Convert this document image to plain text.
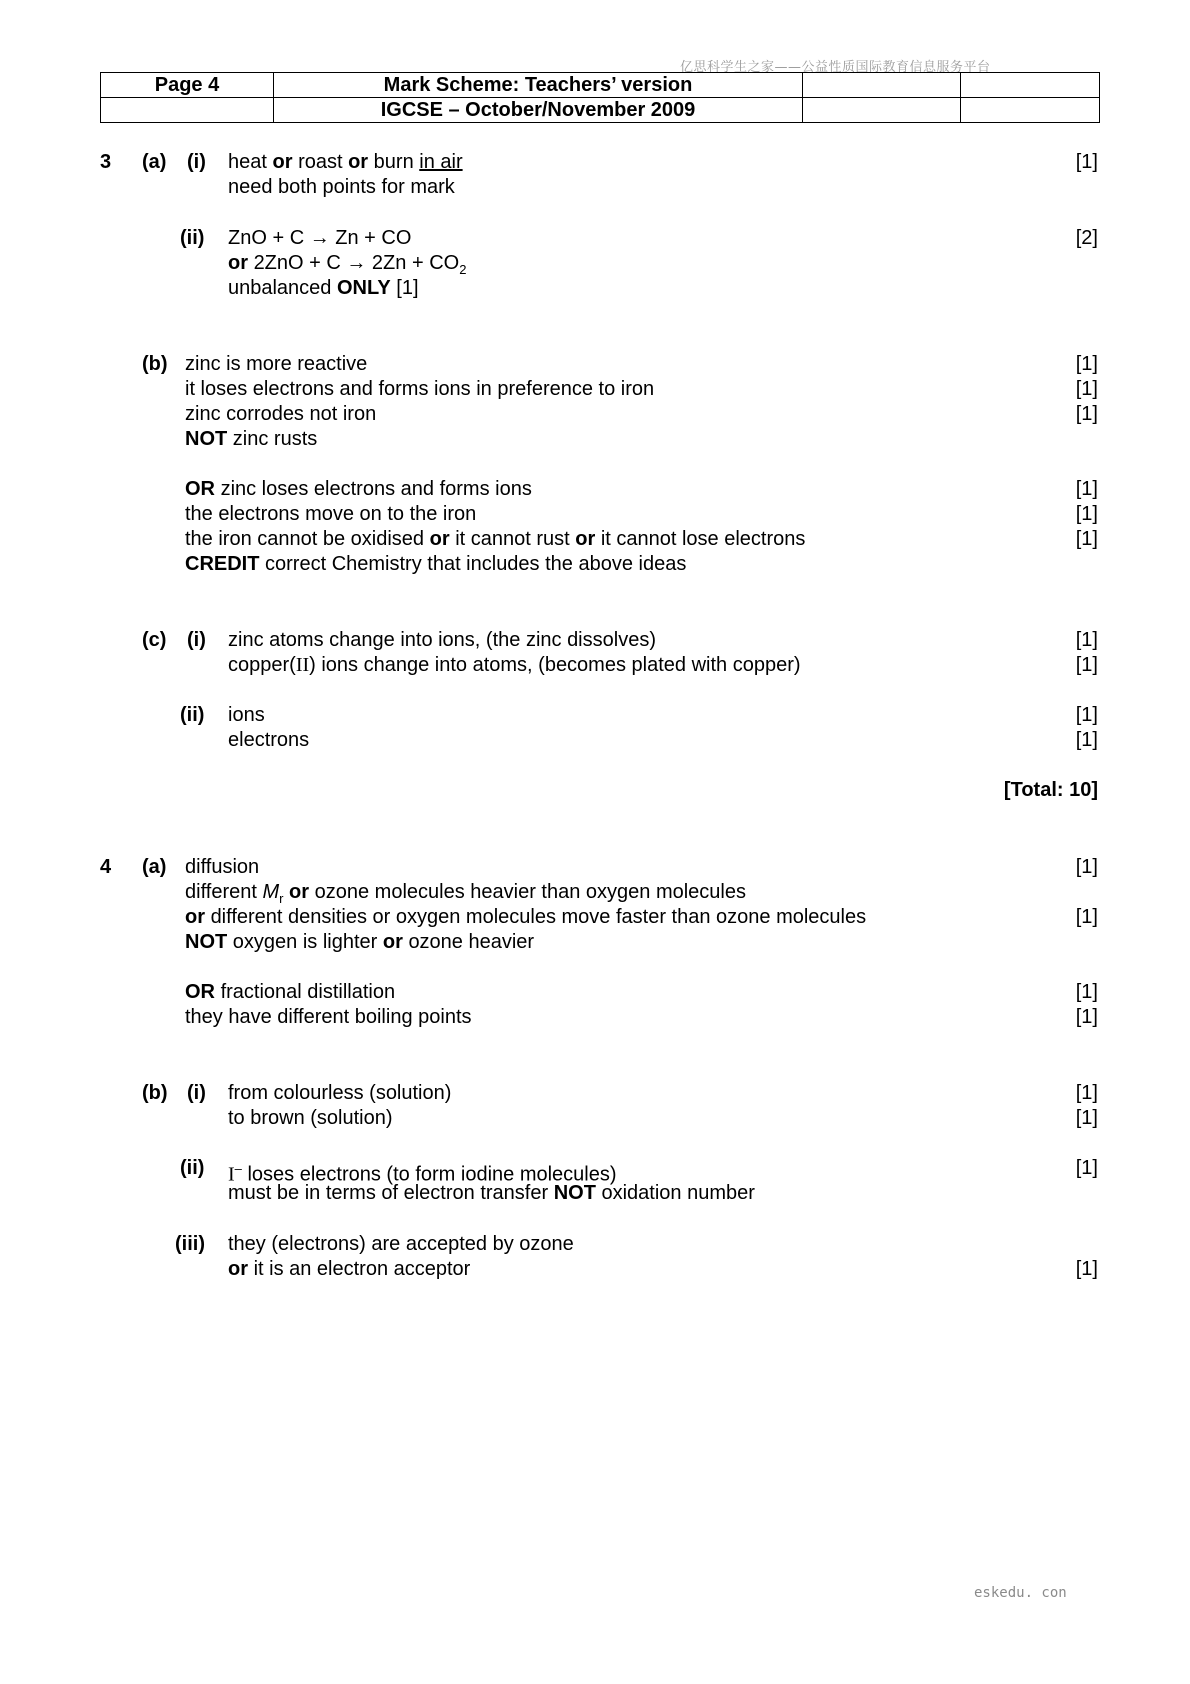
亿思科学生之家——公益性质国际教育信息服务平台
Page 4	Mark Scheme: Teachers’ version		
	IGCSE – October/November 2009		
3 (a) (i) heat or roast or burn in air	[1]
need both points for mark
(ii) ZnO + C → Zn + CO	[2]
or $2ZnO + C \to 2Zn + CO_2$
unbalanced ONLY [1]
(b) zinc is more reactive	[1]
it loses electrons and forms ions in preference to iron	[1]
zinc corrodes not iron	[1]
NOT zinc rusts
OR zinc loses electrons and forms ions	[1]
the electrons move on to the iron	[1]
the iron cannot be oxidised or it cannot rust or it cannot lose electrons	[1]
CREDIT correct Chemistry that includes the above ideas
(c) (i) zinc atoms change into ions, (the zinc dissolves)	[1]
copper(II) ions change into atoms, (becomes plated with copper)	[1]
(ii) ions	[1]
electrons	[1]
[Total: 10]
4 (a) diffusion	[1]
different $M_r$ or ozone molecules heavier than oxygen molecules
or different densities or oxygen molecules move faster than ozone molecules	[1]
NOT oxygen is lighter or ozone heavier
OR fractional distillation	[1]
they have different boiling points	[1]
(b) (i) from colourless (solution)	[1]
to brown (solution)	[1]
(ii) I– loses electrons (to form iodine molecules)	[1]
must be in terms of electron transfer NOT oxidation number
(iii) they (electrons) are accepted by ozone
or it is an electron acceptor	[1]
eskedu. con
